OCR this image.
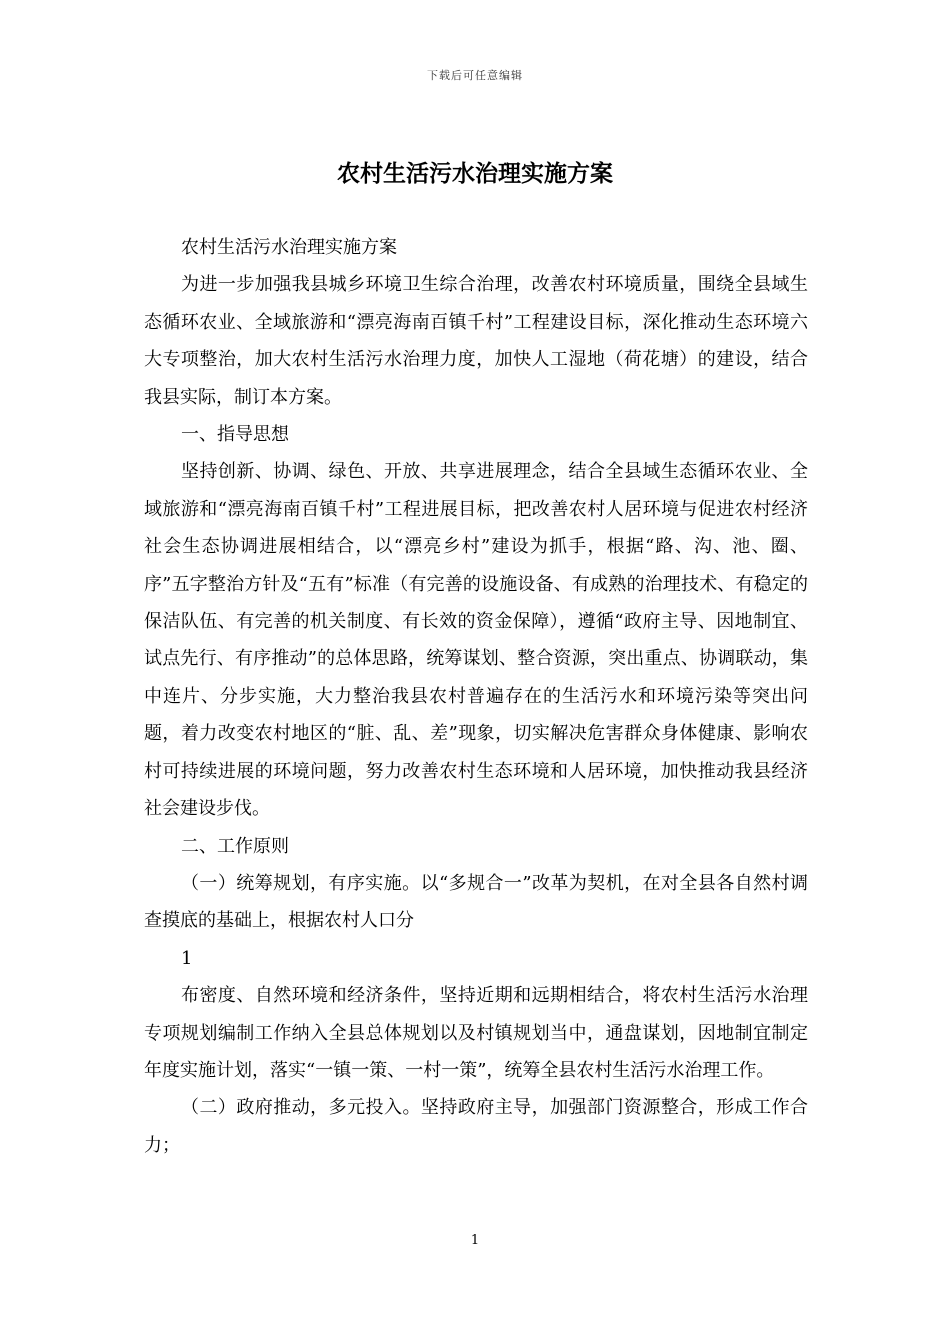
下载后可任意编辑
农村生活污水治理实施方案

农村生活污水治理实施方案

为进一步加强我县城乡环境卫生综合治理，改善农村环境质量，围绕全县域生态循环农业、全域旅游和“漂亮海南百镇千村”工程建设目标，深化推动生态环境六大专项整治，加大农村生活污水治理力度，加快人工湿地（荷花塘）的建设，结合我县实际，制订本方案。

一、指导思想

坚持创新、协调、绿色、开放、共享进展理念，结合全县域生态循环农业、全域旅游和“漂亮海南百镇千村”工程进展目标，把改善农村人居环境与促进农村经济社会生态协调进展相结合，以“漂亮乡村”建设为抓手，根据“路、沟、池、圈、序”五字整治方针及“五有”标准（有完善的设施设备、有成熟的治理技术、有稳定的保洁队伍、有完善的机关制度、有长效的资金保障），遵循“政府主导、因地制宜、试点先行、有序推动”的总体思路，统筹谋划、整合资源，突出重点、协调联动，集中连片、分步实施，大力整治我县农村普遍存在的生活污水和环境污染等突出问题，着力改变农村地区的“脏、乱、差”现象，切实解决危害群众身体健康、影响农村可持续进展的环境问题，努力改善农村生态环境和人居环境，加快推动我县经济社会建设步伐。

二、工作原则

（一）统筹规划，有序实施。以“多规合一”改革为契机，在对全县各自然村调查摸底的基础上，根据农村人口分

1

布密度、自然环境和经济条件，坚持近期和远期相结合，将农村生活污水治理专项规划编制工作纳入全县总体规划以及村镇规划当中，通盘谋划，因地制宜制定年度实施计划，落实“一镇一策、一村一策”，统筹全县农村生活污水治理工作。

（二）政府推动，多元投入。坚持政府主导，加强部门资源整合，形成工作合力；

1
